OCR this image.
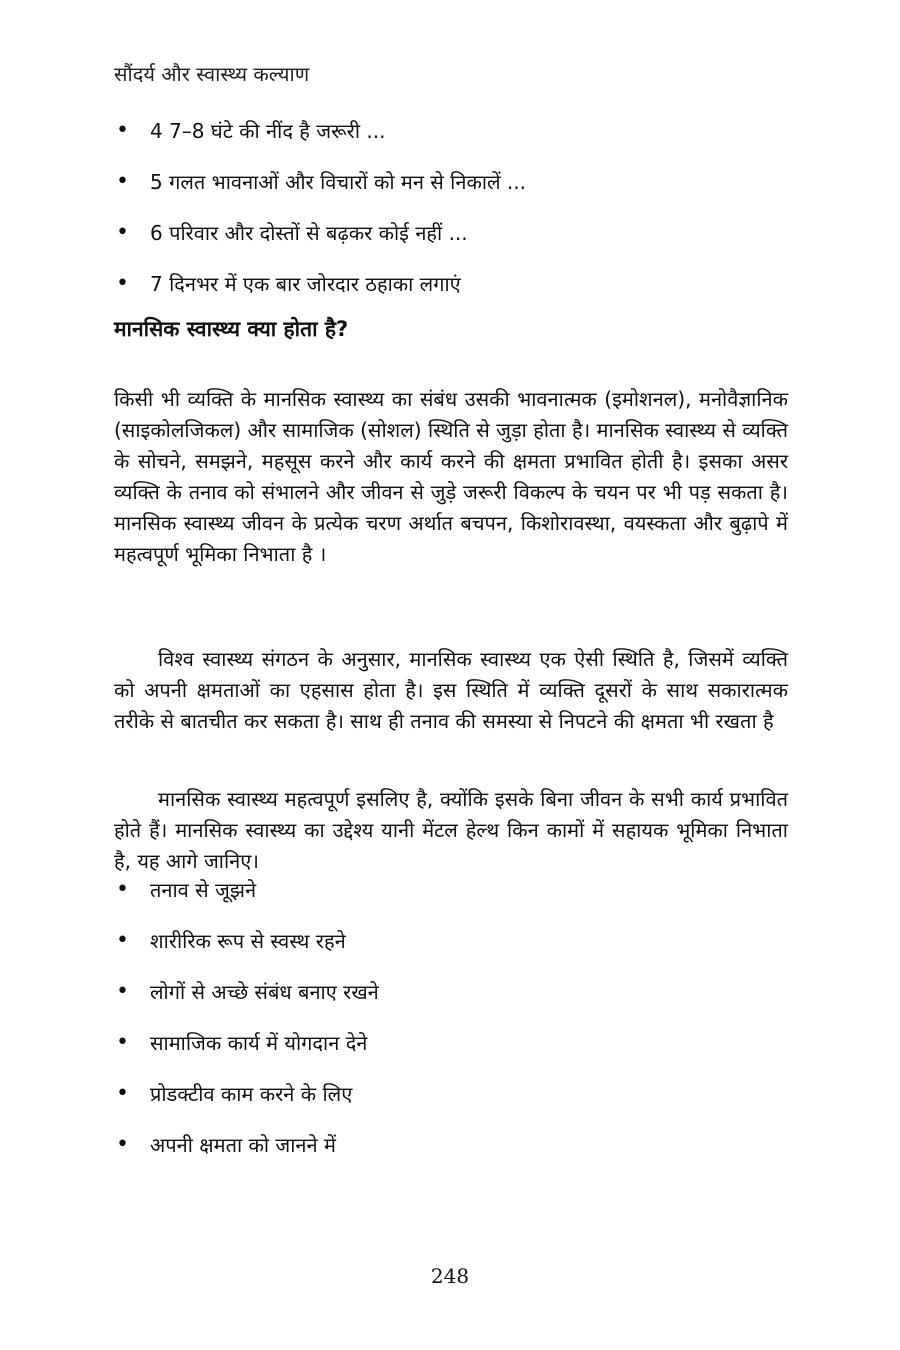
सौंदर्य और स्वास्थ्य कल्याण
• 4 7–8 घंटे की नींद है जरूरी ...
• 5 गलत भावनाओं और विचारों को मन से निकालें ...
• 6 परिवार और दोस्तों से बढ़कर कोई नहीं ...
• 7 दिनभर में एक बार जोरदार ठहाका लगाएं
मानसिक स्वास्थ्य क्या होता है?

किसी भी व्यक्ति के मानसिक स्वास्थ्य का संबंध उसकी भावनात्मक (इमोशनल), मनोवैज्ञानिक (साइकोलजिकल) और सामाजिक (सोशल) स्थिति से जुड़ा होता है। मानसिक स्वास्थ्य से व्यक्ति के सोचने, समझने, महसूस करने और कार्य करने की क्षमता प्रभावित होती है। इसका असर व्यक्ति के तनाव को संभालने और जीवन से जुड़े जरूरी विकल्प के चयन पर भी पड़ सकता है। मानसिक स्वास्थ्य जीवन के प्रत्येक चरण अर्थात बचपन, किशोरावस्था, वयस्कता और बुढ़ापे में महत्वपूर्ण भूमिका निभाता है ।

विश्व स्वास्थ्य संगठन के अनुसार, मानसिक स्वास्थ्य एक ऐसी स्थिति है, जिसमें व्यक्ति को अपनी क्षमताओं का एहसास होता है। इस स्थिति में व्यक्ति दूसरों के साथ सकारात्मक तरीके से बातचीत कर सकता है। साथ ही तनाव की समस्या से निपटने की क्षमता भी रखता है

मानसिक स्वास्थ्य महत्वपूर्ण इसलिए है, क्योंकि इसके बिना जीवन के सभी कार्य प्रभावित होते हैं। मानसिक स्वास्थ्य का उद्देश्य यानी मेंटल हेल्थ किन कामों में सहायक भूमिका निभाता है, यह आगे जानिए।

• तनाव से जूझने
• शारीरिक रूप से स्वस्थ रहने
• लोगों से अच्छे संबंध बनाए रखने
• सामाजिक कार्य में योगदान देने
• प्रोडक्टीव काम करने के लिए
• अपनी क्षमता को जानने में
248
